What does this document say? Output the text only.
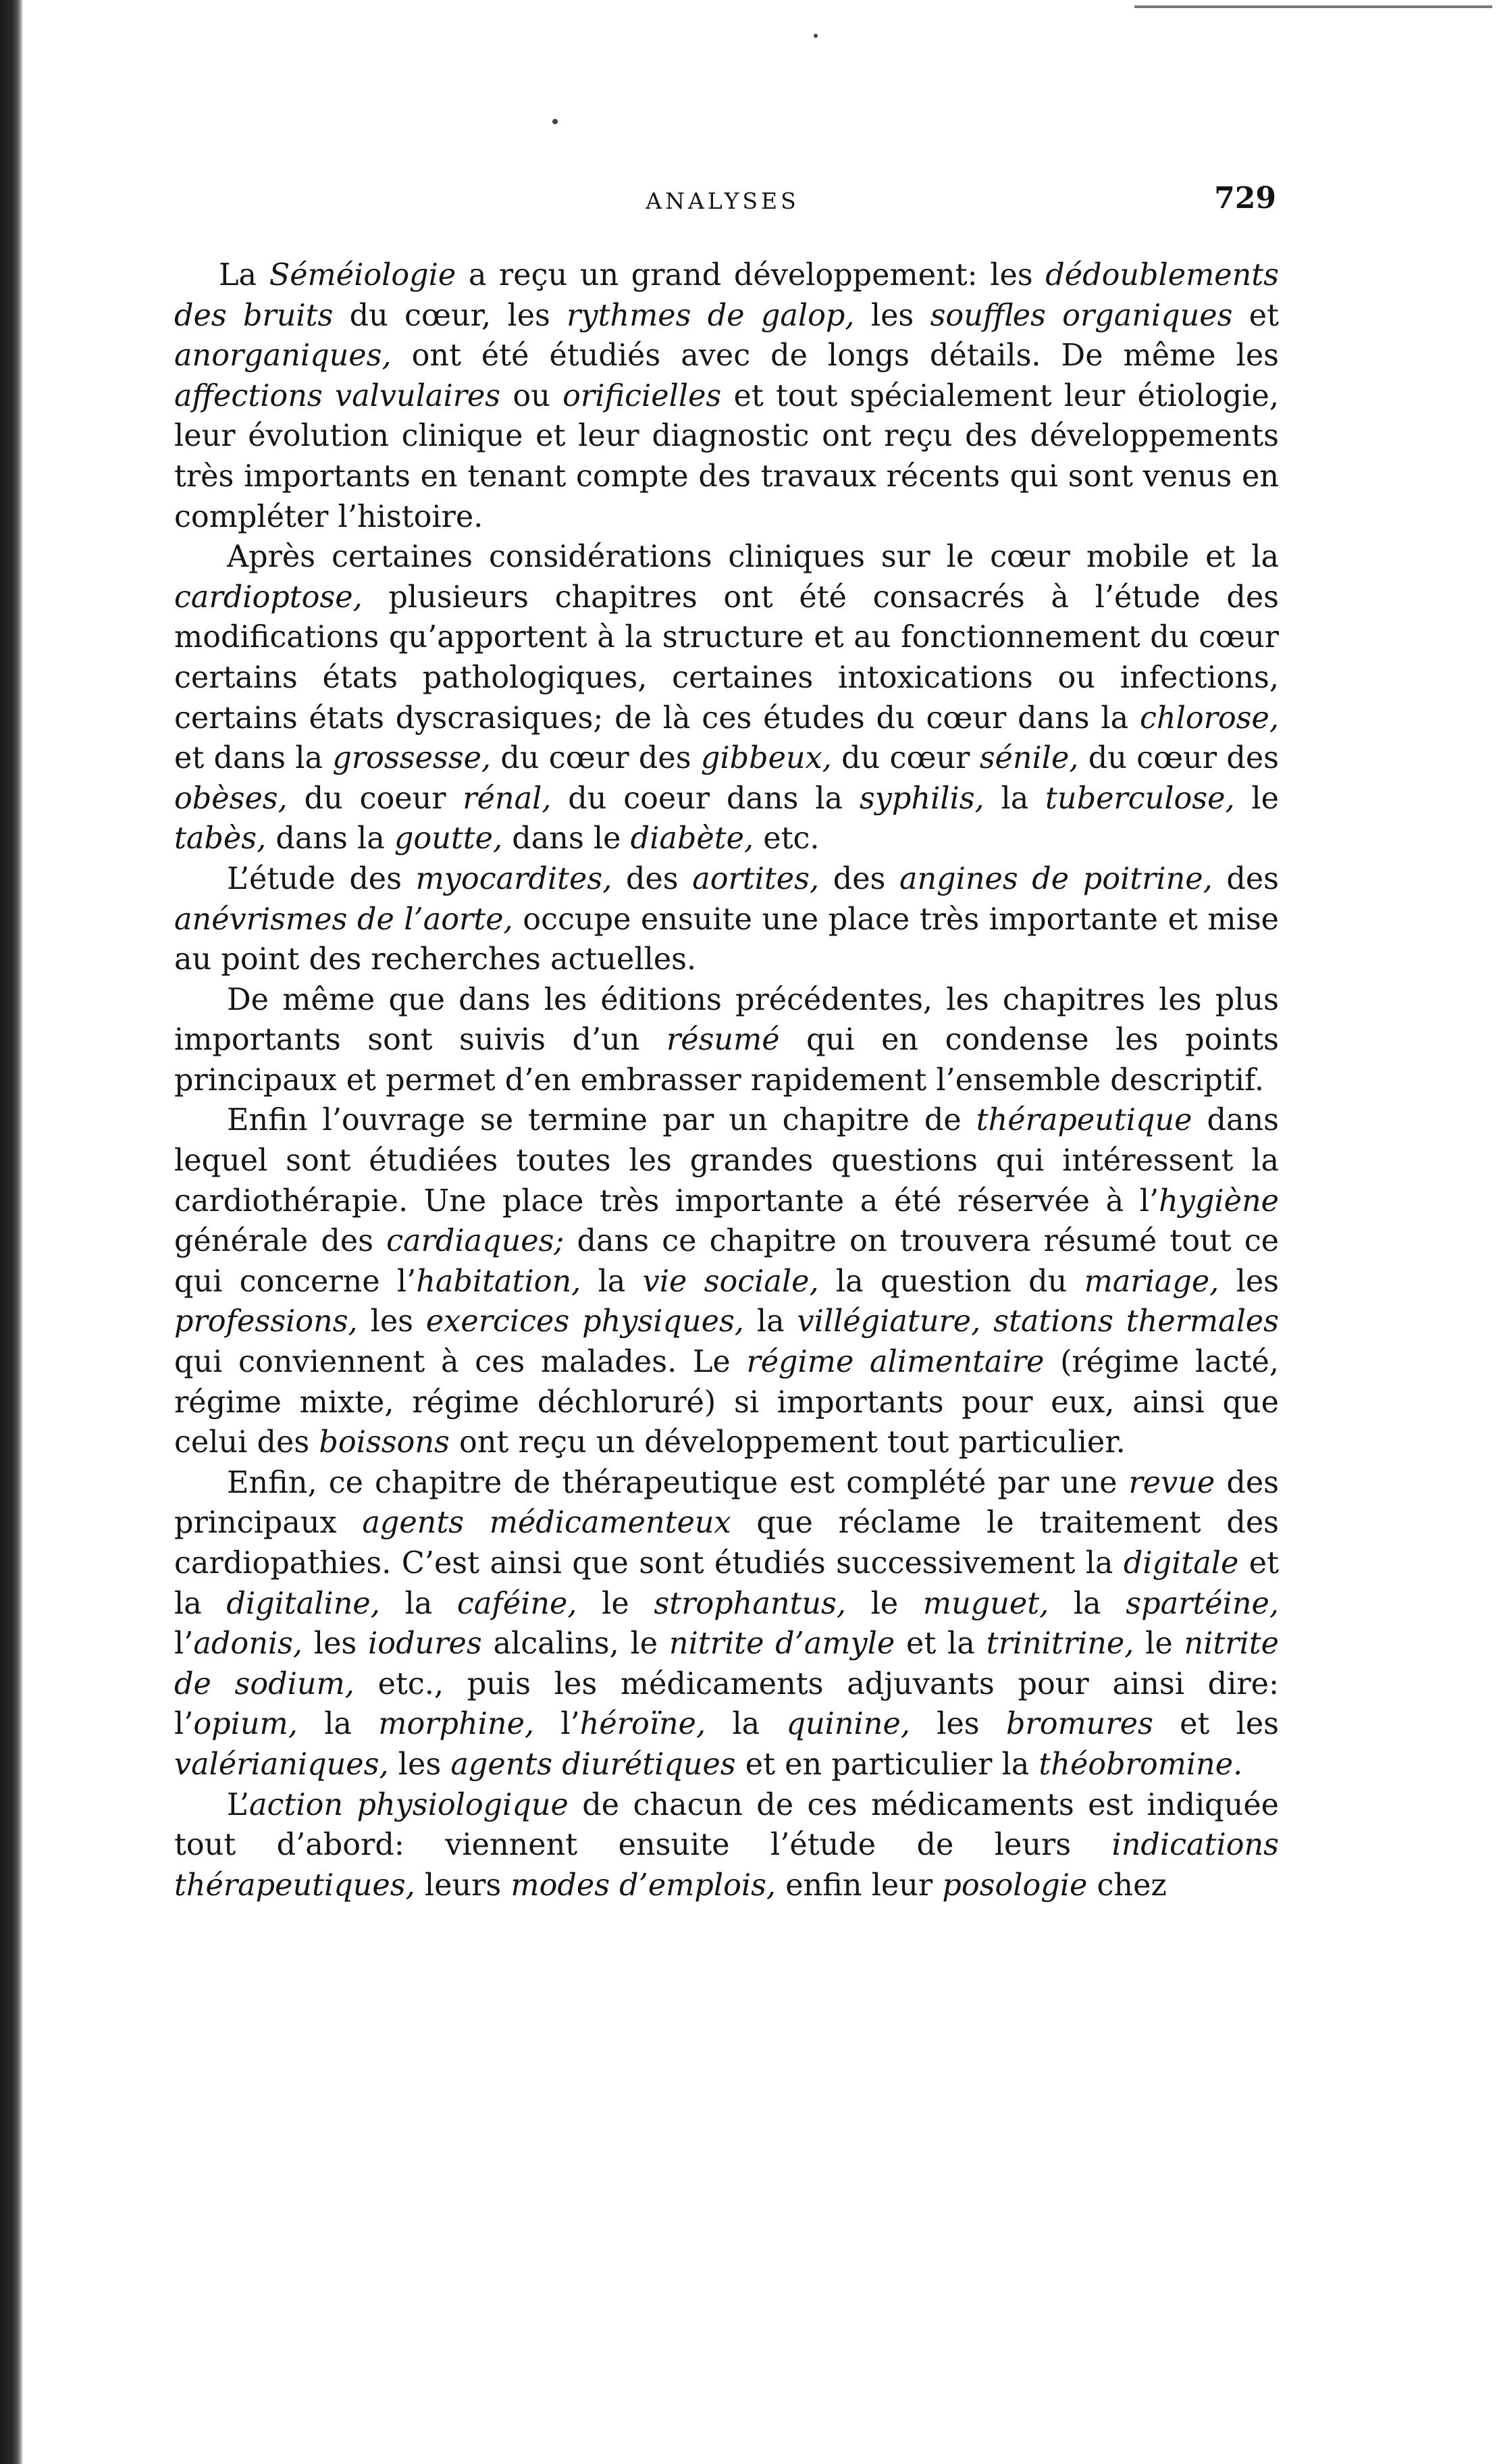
ANALYSES	729

La Séméiologie a reçu un grand développement: les dédoublements des bruits du cœur, les rythmes de galop, les souffles organiques et anorganiques, ont été étudiés avec de longs détails. De même les affections valvulaires ou orificielles et tout spécialement leur étiologie, leur évolution clinique et leur diagnostic ont reçu des développements très importants en tenant compte des travaux récents qui sont venus en compléter l’histoire.

Après certaines considérations cliniques sur le cœur mobile et la cardioptose, plusieurs chapitres ont été consacrés à l’étude des modifications qu’apportent à la structure et au fonctionnement du cœur certains états pathologiques, certaines intoxications ou infections, certains états dyscrasiques; de là ces études du cœur dans la chlorose, et dans la grossesse, du cœur des gibbeux, du cœur sénile, du cœur des obèses, du coeur rénal, du coeur dans la syphilis, la tuberculose, le tabès, dans la goutte, dans le diabète, etc.

L’étude des myocardites, des aortites, des angines de poitrine, des anévrismes de l’aorte, occupe ensuite une place très importante et mise au point des recherches actuelles.

De même que dans les éditions précédentes, les chapitres les plus importants sont suivis d’un résumé qui en condense les points principaux et permet d’en embrasser rapidement l’ensemble descriptif.

Enfin l’ouvrage se termine par un chapitre de thérapeutique dans lequel sont étudiées toutes les grandes questions qui intéressent la cardiothérapie. Une place très importante a été réservée à l’hygiène générale des cardiaques; dans ce chapitre on trouvera résumé tout ce qui concerne l’habitation, la vie sociale, la question du mariage, les professions, les exercices physiques, la villégiature, stations thermales qui conviennent à ces malades. Le régime alimentaire (régime lacté, régime mixte, régime déchloruré) si importants pour eux, ainsi que celui des boissons ont reçu un développement tout particulier.

Enfin, ce chapitre de thérapeutique est complété par une revue des principaux agents médicamenteux que réclame le traitement des cardiopathies. C’est ainsi que sont étudiés successivement la digitale et la digitaline, la caféine, le strophantus, le muguet, la spartéine, l’adonis, les iodures alcalins, le nitrite d’amyle et la trinitrine, le nitrite de sodium, etc., puis les médicaments adjuvants pour ainsi dire: l’opium, la morphine, l’héroïne, la quinine, les bromures et les valérianiques, les agents diurétiques et en particulier la théobromine.

L’action physiologique de chacun de ces médicaments est indiquée tout d’abord: viennent ensuite l’étude de leurs indications thérapeutiques, leurs modes d’emplois, enfin leur posologie chez
